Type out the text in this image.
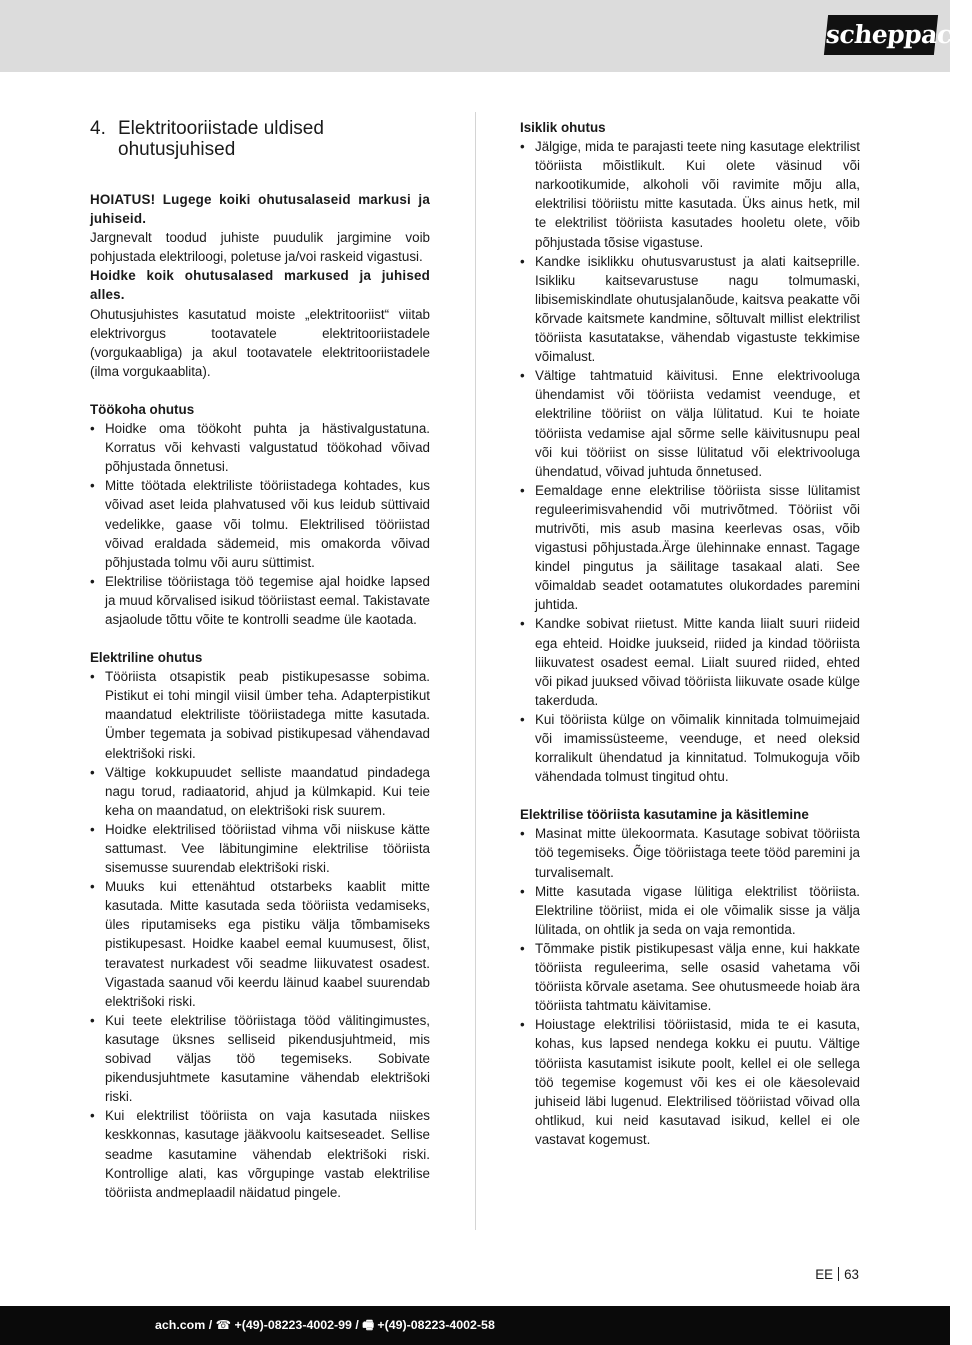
scheppach
4. Elektritooriistade uldised ohutusjuhised

HOIATUS! Lugege koiki ohutusalaseid markusi ja juhiseid.

Jargnevalt toodud juhiste puudulik jargimine voib pohjustada elektriloogi, poletuse ja/voi raskeid vigastusi.

Hoidke koik ohutusalased markused ja juhised alles.

Ohutusjuhistes kasutatud moiste „elektritooriist“ viitab elektrivorgus tootavatele elektritooriistadele (vorgukaabliga) ja akul tootavatele elektritooriistadele (ilma vorgukaablita).

Töökoha ohutus
• Hoidke oma töökoht puhta ja hästivalgustatuna. Korratus või kehvasti valgustatud töökohad võivad põhjustada õnnetusi.
• Mitte töötada elektriliste tööriistadega kohtades, kus võivad aset leida plahvatused või kus leidub süttivaid vedelikke, gaase või tolmu. Elektrilised tööriistad võivad eraldada sädemeid, mis omakorda võivad põhjustada tolmu või auru süttimist.
• Elektrilise tööriistaga töö tegemise ajal hoidke lapsed ja muud kõrvalised isikud tööriistast eemal. Takistavate asjaolude tõttu võite te kontrolli seadme üle kaotada.
Elektriline ohutus
• Tööriista otsapistik peab pistikupesasse sobima. Pistikut ei tohi mingil viisil ümber teha. Adapterpistikut maandatud elektriliste tööriistadega mitte kasutada. Ümber tegemata ja sobivad pistikupesad vähendavad elektrišoki riski.
• Vältige kokkupuudet selliste maandatud pindadega nagu torud, radiaatorid, ahjud ja külmkapid. Kui teie keha on maandatud, on elektrišoki risk suurem.
• Hoidke elektrilised tööriistad vihma või niiskuse kätte sattumast. Vee läbitungimine elektrilise tööriista sisemusse suurendab elektrišoki riski.
• Muuks kui ettenähtud otstarbeks kaablit mitte kasutada. Mitte kasutada seda tööriista vedamiseks, üles riputamiseks ega pistiku välja tõmbamiseks pistikupesast. Hoidke kaabel eemal kuumusest, õlist, teravatest nurkadest või seadme liikuvatest osadest. Vigastada saanud või keerdu läinud kaabel suurendab elektrišoki riski.
• Kui teete elektrilise tööriistaga tööd välitingimustes, kasutage üksnes selliseid pikendusjuhtmeid, mis sobivad väljas töö tegemiseks. Sobivate pikendusjuhtmete kasutamine vähendab elektrišoki riski.
• Kui elektrilist tööriista on vaja kasutada niiskes keskkonnas, kasutage jääkvoolu kaitseseadet. Sellise seadme kasutamine vähendab elektrišoki riski. Kontrollige alati, kas võrgupinge vastab elektrilise tööriista andmeplaadil näidatud pingele.
Isiklik ohutus
• Jälgige, mida te parajasti teete ning kasutage elektrilist tööriista mõistlikult. Kui olete väsinud või narkootikumide, alkoholi või ravimite mõju alla, elektrilisi tööriistu mitte kasutada. Üks ainus hetk, mil te elektrilist tööriista kasutades hooletu olete, võib põhjustada tõsise vigastuse.
• Kandke isiklikku ohutusvarustust ja alati kaitseprille. Isikliku kaitsevarustuse nagu tolmumaski, libisemiskindlate ohutusjalanõude, kaitsva peakatte või kõrvade kaitsmete kandmine, sõltuvalt millist elektrilist tööriista kasutatakse, vähendab vigastuste tekkimise võimalust.
• Vältige tahtmatuid käivitusi. Enne elektrivooluga ühendamist või tööriista vedamist veenduge, et elektriline tööriist on välja lülitatud. Kui te hoiate tööriista vedamise ajal sõrme selle käivitusnupu peal või kui tööriist on sisse lülitatud või elektrivooluga ühendatud, võivad juhtuda õnnetused.
• Eemaldage enne elektrilise tööriista sisse lülitamist reguleerimisvahendid või mutrivõtmed. Tööriist või mutrivõti, mis asub masina keerlevas osas, võib vigastusi põhjustada.Ärge ülehinnake ennast. Tagage kindel pingutus ja säilitage tasakaal alati. See võimaldab seadet ootamatutes olukordades paremini juhtida.
• Kandke sobivat riietust. Mitte kanda liialt suuri riideid ega ehteid. Hoidke juukseid, riided ja kindad tööriista liikuvatest osadest eemal. Liialt suured riided, ehted või pikad juuksed võivad tööriista liikuvate osade külge takerduda.
• Kui tööriista külge on võimalik kinnitada tolmuimejaid või imamissüsteeme, veenduge, et need oleksid korralikult ühendatud ja kinnitatud. Tolmukoguja võib vähendada tolmust tingitud ohtu.
Elektrilise tööriista kasutamine ja käsitlemine
• Masinat mitte ülekoormata. Kasutage sobivat tööriista töö tegemiseks. Õige tööriistaga teete tööd paremini ja turvalisemalt.
• Mitte kasutada vigase lülitiga elektrilist tööriista. Elektriline tööriist, mida ei ole võimalik sisse ja välja lülitada, on ohtlik ja seda on vaja remontida.
• Tõmmake pistik pistikupesast välja enne, kui hakkate tööriista reguleerima, selle osasid vahetama või tööriista kõrvale asetama. See ohutusmeede hoiab ära tööriista tahtmatu käivitamise.
• Hoiustage elektrilisi tööriistasid, mida te ei kasuta, kohas, kus lapsed nendega kokku ei puutu. Vältige tööriista kasutamist isikute poolt, kellel ei ole sellega töö tegemise kogemust või kes ei ole käesolevaid juhiseid läbi lugenud. Elektrilised tööriistad võivad olla ohtlikud, kui neid kasutavad isikud, kellel ei ole vastavat kogemust.
EE 63
ach.com / ☎ +(49)-08223-4002-99 / 🖷 +(49)-08223-4002-58
